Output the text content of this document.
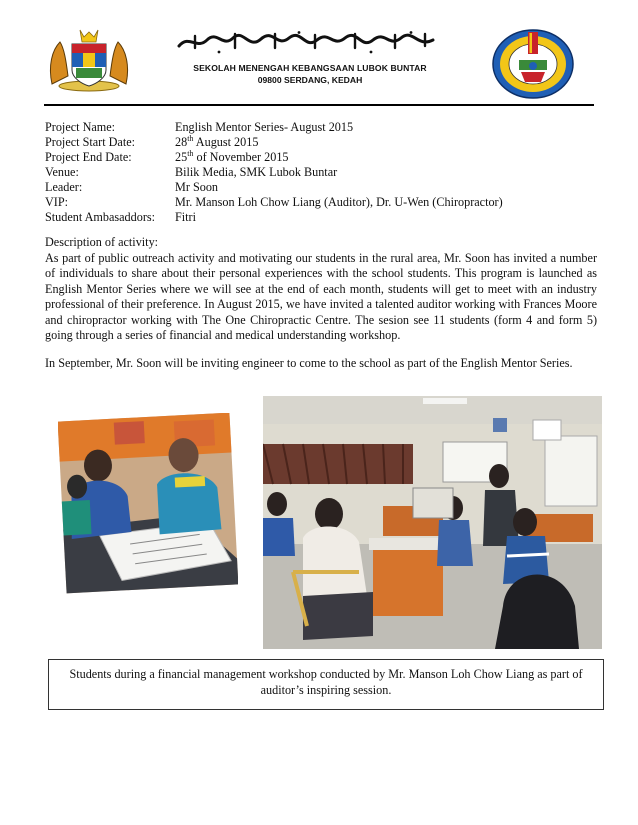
SEKOLAH MENENGAH KEBANGSAAN LUBOK BUNTAR
09800 SERDANG, KEDAH
Project Name:	English Mentor Series- August 2015
Project Start Date:	28th August 2015
Project End Date:	25th of November 2015
Venue:	Bilik Media, SMK Lubok Buntar
Leader:	Mr Soon
VIP:	Mr. Manson Loh Chow Liang (Auditor), Dr. U-Wen (Chiropractor)
Student Ambasaddors:	Fitri
Description of activity:

As part of public outreach activity and motivating our students in the rural area, Mr. Soon has invited a number of individuals to share about their personal experiences with the school students. This program is launched as English Mentor Series where we will see at the end of each month, students will get to meet with an industry professional of their preference. In August 2015, we have invited a talented auditor working with Frances Moore and chiropractor working with The One Chiropractic Centre. The sesion see 11 students (form 4 and form 5) going through a series of financial and medical understanding workshop.

In September, Mr. Soon will be inviting engineer to come to the school as part of the English Mentor Series.

Students during a financial management workshop conducted by Mr. Manson Loh Chow Liang as part of auditor’s inspiring session.
